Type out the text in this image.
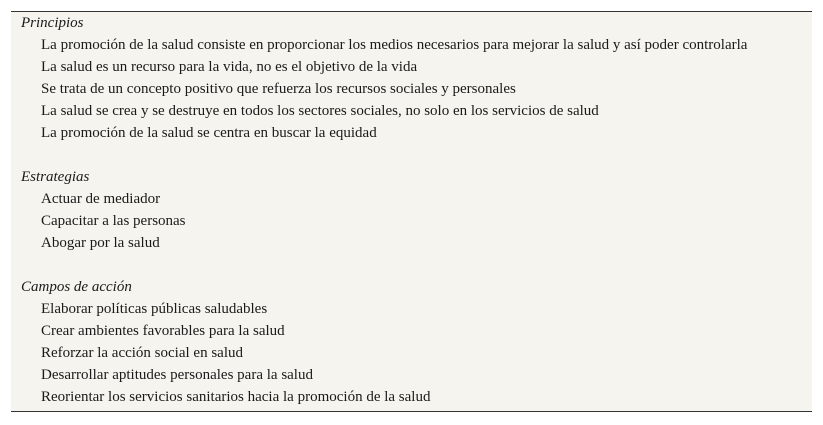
Principios
La promoción de la salud consiste en proporcionar los medios necesarios para mejorar la salud y así poder controlarla
La salud es un recurso para la vida, no es el objetivo de la vida
Se trata de un concepto positivo que refuerza los recursos sociales y personales
La salud se crea y se destruye en todos los sectores sociales, no solo en los servicios de salud
La promoción de la salud se centra en buscar la equidad
Estrategias
Actuar de mediador
Capacitar a las personas
Abogar por la salud
Campos de acción
Elaborar políticas públicas saludables
Crear ambientes favorables para la salud
Reforzar la acción social en salud
Desarrollar aptitudes personales para la salud
Reorientar los servicios sanitarios hacia la promoción de la salud
